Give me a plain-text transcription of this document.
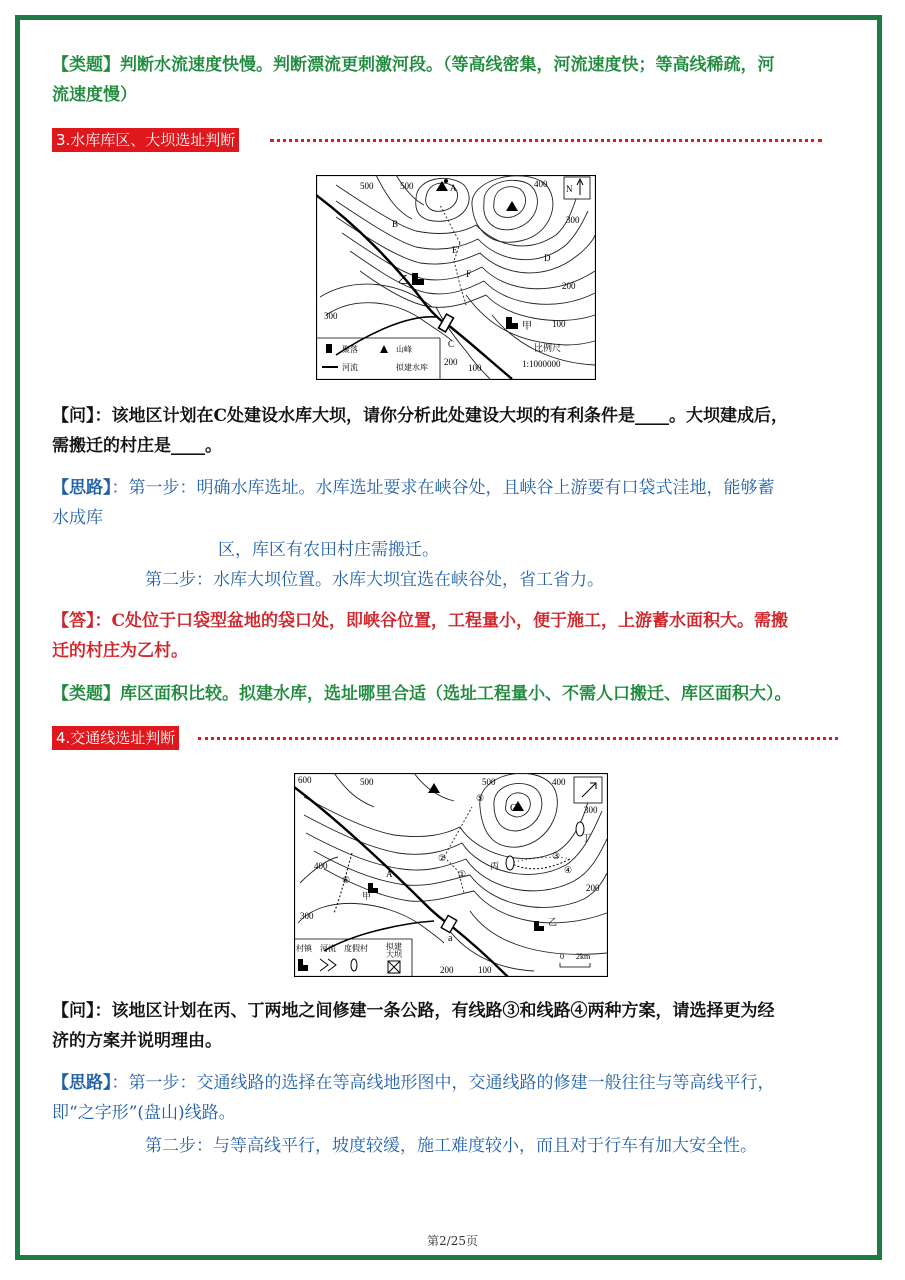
【类题】判断水流速度快慢。判断漂流更刺激河段。（等高线密集，河流速度快；等高线稀疏，河

流速度慢）

3.水库库区、大坝选址判断
500	500	A	400 N
300
B
E
D
乙	F
200
300
C
甲 100
200
100
比例尺
1:1000000
聚落	山峰
河流	拟建水库

【问】：该地区计划在C处建设水库大坝，请你分析此处建设大坝的有利条件是____。大坝建成后，

需搬迁的村庄是____。

【思路】：第一步：明确水库选址。水库选址要求在峡谷处，且峡谷上游要有口袋式洼地，能够蓄

水成库

区，库区有农田村庄需搬迁。

第二步：水库大坝位置。水库大坝宜选在峡谷处，省工省力。

【答】：C处位于口袋型盆地的袋口处，即峡谷位置，工程量小，便于施工，上游蓄水面积大。需搬

迁的村庄为乙村。

【类题】库区面积比较。拟建水库，选址哪里合适（选址工程量小、不需人口搬迁、库区面积大）。

4.交通线选址判断
600	500	500	400
300
⑤
C
②
①
丙
③
④
丁
400
⑥
A
甲
300
200
乙
a
200	100
0 2km
村镇 河流 度假村 拟建
大坝

【问】：该地区计划在丙、丁两地之间修建一条公路，有线路③和线路④两种方案，请选择更为经

济的方案并说明理由。

【思路】：第一步：交通线路的选择在等高线地形图中，交通线路的修建一般往往与等高线平行，

即“之字形”(盘山)线路。

第二步：与等高线平行，坡度较缓，施工难度较小，而且对于行车有加大安全性。

第2/25页
